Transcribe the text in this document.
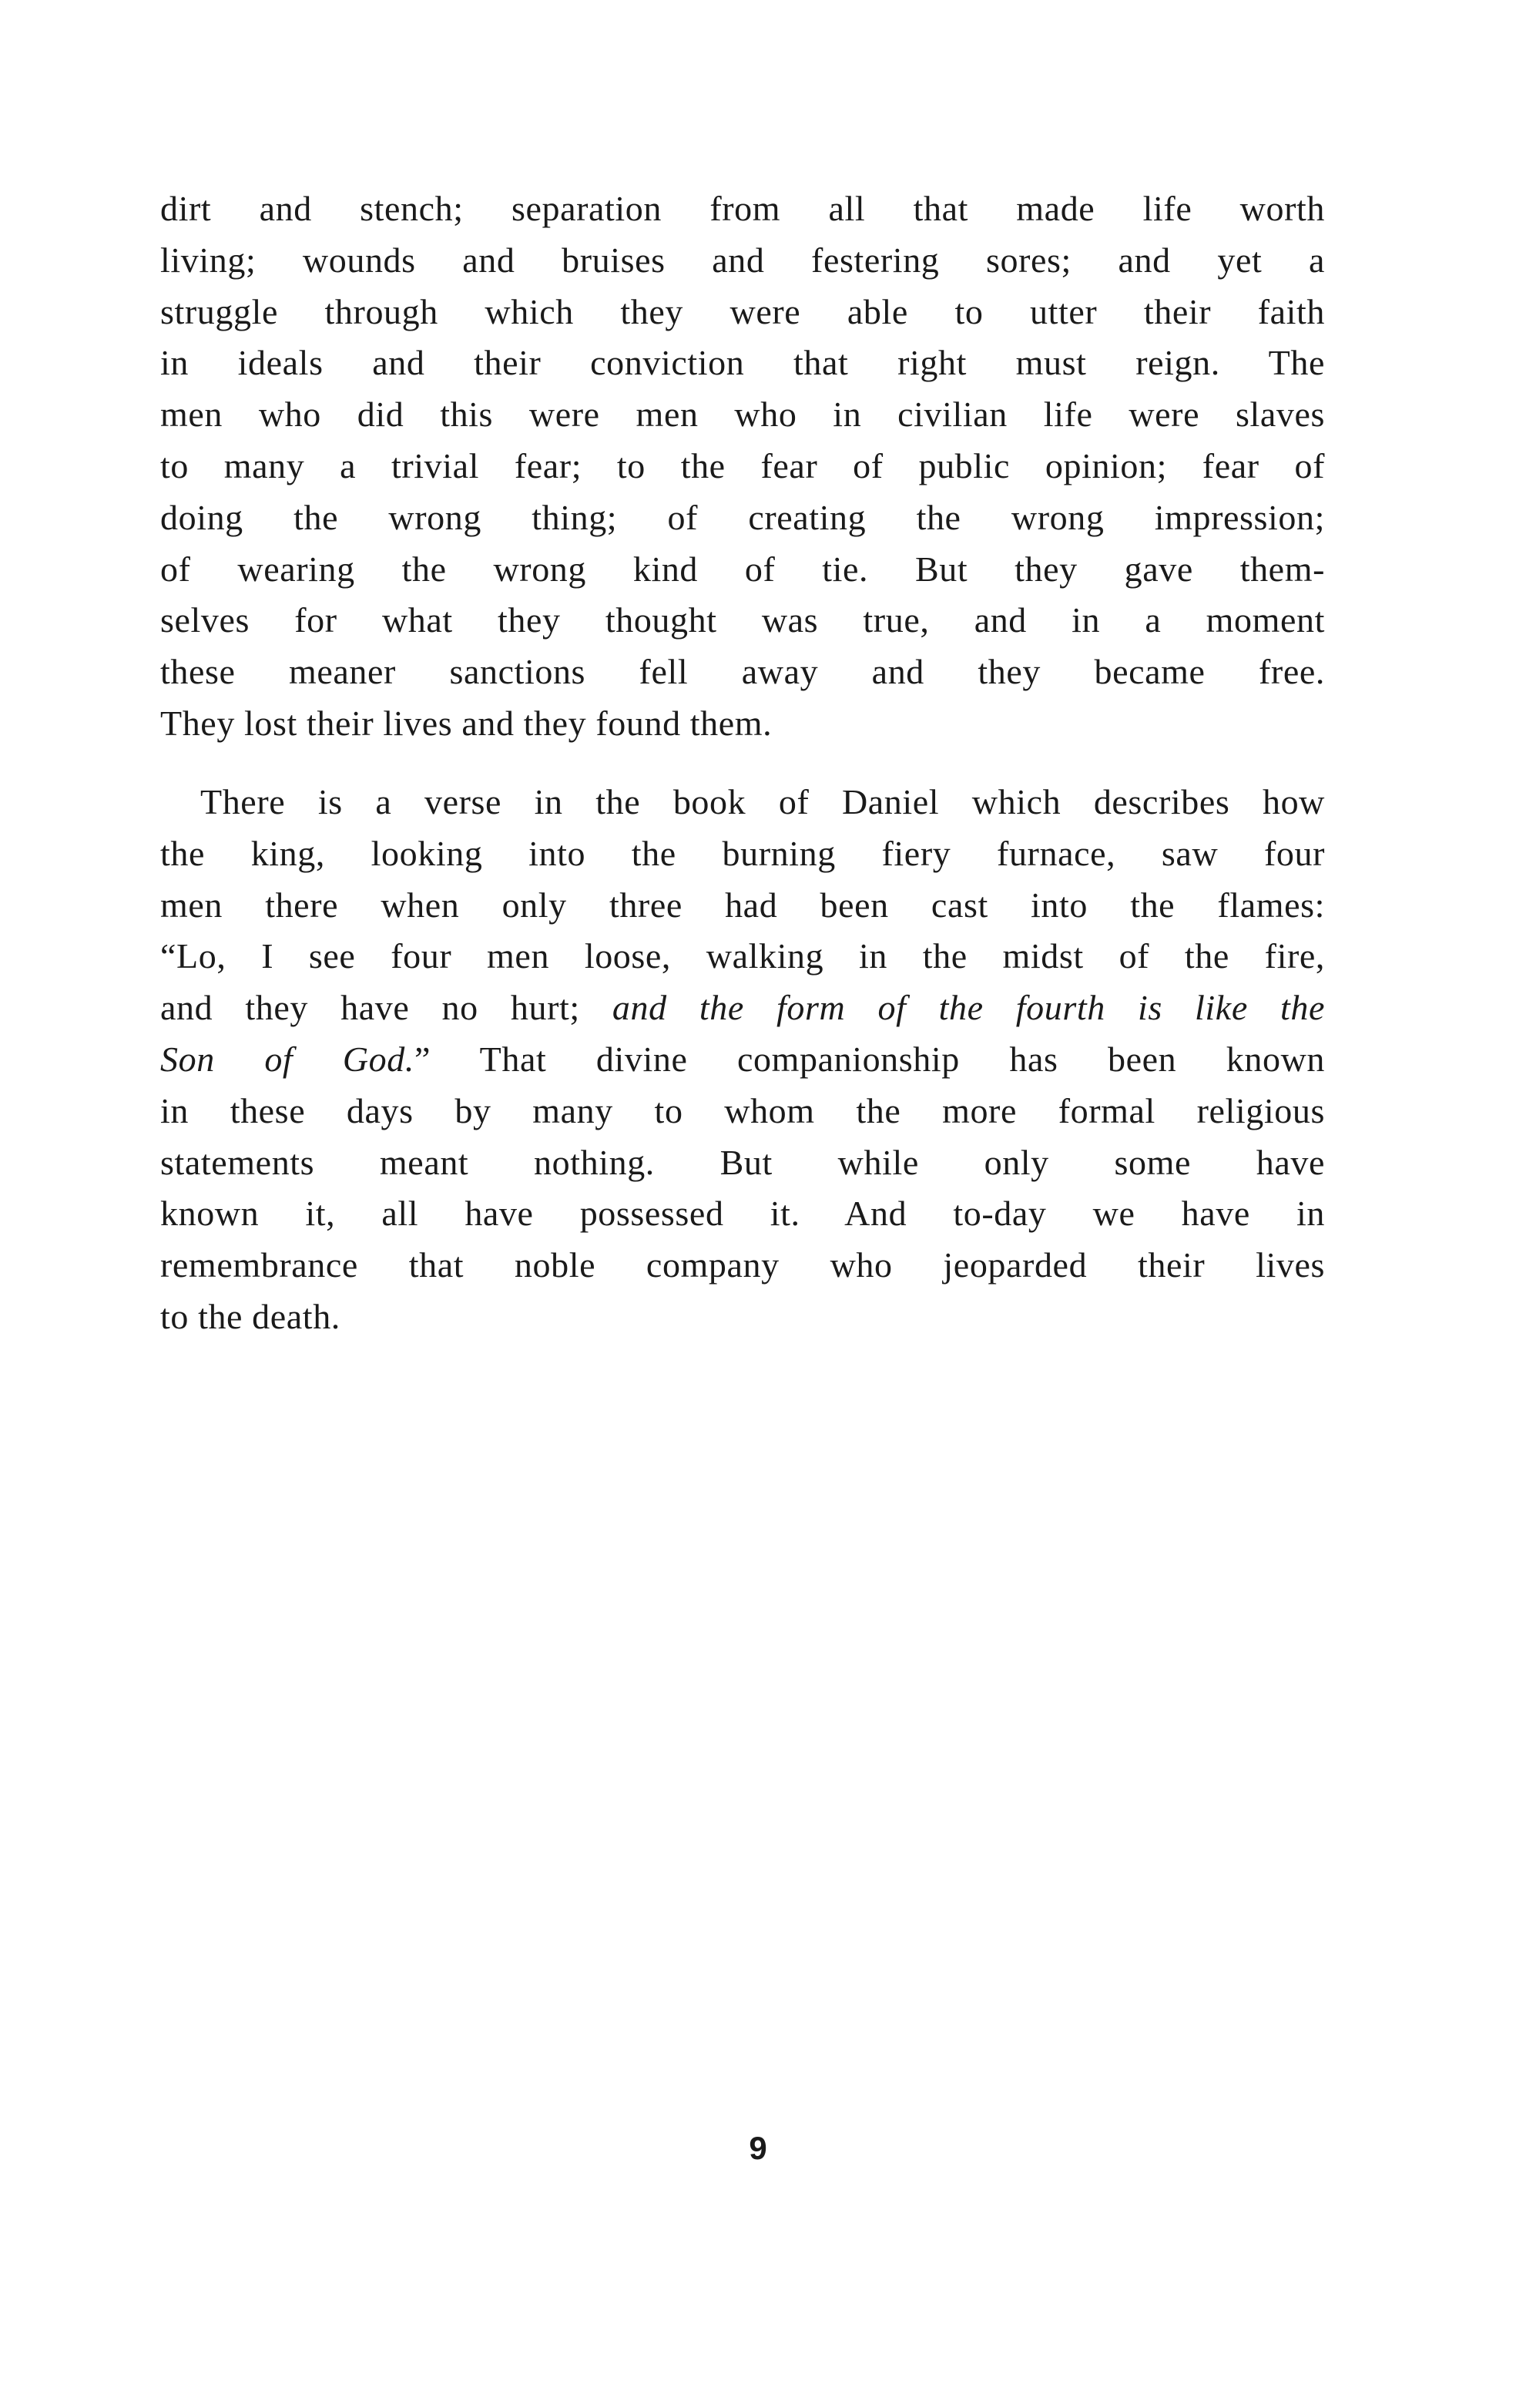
dirt and stench; separation from all that made life worth
living; wounds and bruises and festering sores; and yet a
struggle through which they were able to utter their faith
in ideals and their conviction that right must reign. The
men who did this were men who in civilian life were slaves
to many a trivial fear; to the fear of public opinion; fear of
doing the wrong thing; of creating the wrong impression;
of wearing the wrong kind of tie. But they gave them-
selves for what they thought was true, and in a moment
these meaner sanctions fell away and they became free.
They lost their lives and they found them.
There is a verse in the book of Daniel which describes how
the king, looking into the burning fiery furnace, saw four
men there when only three had been cast into the flames:
“Lo, I see four men loose, walking in the midst of the fire,
and they have no hurt; and the form of the fourth is like the
Son of God.” That divine companionship has been known
in these days by many to whom the more formal religious
statements meant nothing. But while only some have
known it, all have possessed it. And to-day we have in
remembrance that noble company who jeoparded their lives
to the death.
9
